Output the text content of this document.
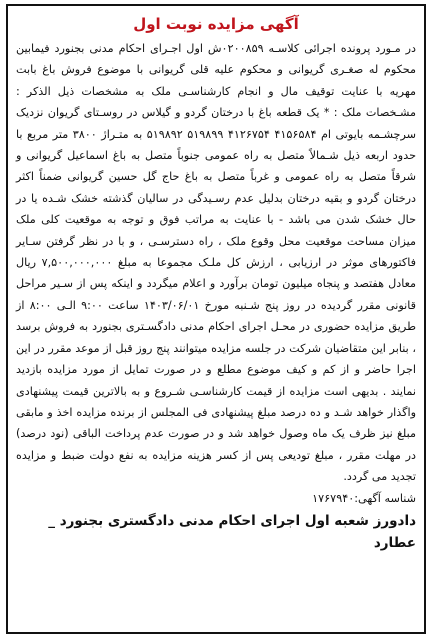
آگهی مزایده نوبت اول

در مـورد پرونده اجرائی کلاسـه ۰۲۰۰۸۵۹ش اول اجـرای احکام مدنی بجنورد فیمابین محکوم له صغـری گریوانی و محکوم علیه قلی گریوانی با موضوع فروش باغ بابت مهریه با عنایت توقیف مال و انجام کارشناسـی ملک به مشخصات ذیل الذکر : مشـخصات ملک : * یک قطعه باغ با درختان گردو و گیلاس در روسـتای گریوان نزدیک سرچشـمه بایوتی ام ۴۱۵۶۵۸۴ ۴۱۲۶۷۵۴ ۵۱۹۸۹۹ ۵۱۹۸۹۲ به متـراژ ۳۸۰۰ متر مربع با حدود اربعه ذیل شـمالاً متصل به راه عمومی جنوباً متصل به باغ اسماعیل گریوانی و شرقاً متصل به راه عمومی و غرباً متصل به باغ حاج گل حسین گریوانی ضمناً اکثر درختان گردو و بقیه درختان بدلیل عدم رسـیدگی در سالیان گذشته خشک شـده یا در حال خشک شدن می باشد - با عنایت به مراتب فوق و توجه به موقعیت کلی ملک میزان مساحت موقعیت محل وقوع ملک ، راه دسترسـی ، و با در نظر گرفتن سـایر فاکتورهای موثر در ارزیابی ، ارزش کل ملـک مجموعا به مبلغ ۷,۵۰۰,۰۰۰,۰۰۰ ریال معادل هفتصد و پنجاه میلیون تومان برآورد و اعلام میگردد و اینکه پس از سـیر مراحل قانونی مقرر گردیده در روز پنج شـنبه مورخ ۱۴۰۳/۰۶/۰۱ ساعت ۹:۰۰ الـی ۸:۰۰ از طریق مزایده حضوری در محـل اجرای احکام مدنی دادگسـتری بجنورد به فروش برسد ، بنابر این متقاضیان شرکت در جلسه مزایده میتوانند پنج روز قبل از موعد مقرر در این اجرا حاضر و از کم و کیف موضوع مطلع و در صورت تمایل از مورد مزایده بازدید نمایند . بدیهی است مزایده از قیمت کارشناسـی شـروع و به بالاترین قیمت پیشنهادی واگذار خواهد شـد و ده درصد مبلغ پیشنهادی فی المجلس از برنده مزایده اخذ و مابقی مبلغ نیز ظرف یک ماه وصول خواهد شد و در صورت عدم پرداخت الباقی (نود درصد) در مهلت مقرر ، مبلغ تودیعی پس از کسر هزینه مزایده به نفع دولت ضبط و مزایده تجدید می گردد.

شناسه آگهی:۱۷۶۷۹۴۰
دادورز شعبه اول اجرای احکام مدنی دادگستری بجنورد _ عطارد
